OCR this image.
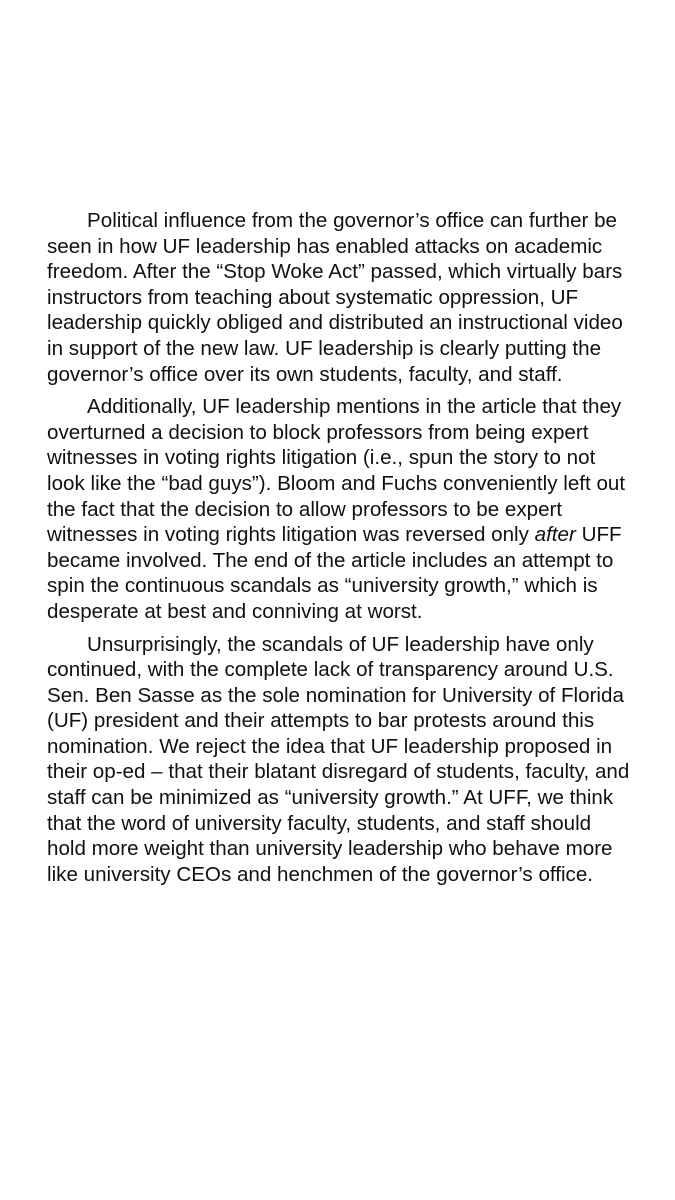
Political influence from the governor’s office can further be seen in how UF leadership has enabled attacks on academic freedom. After the “Stop Woke Act” passed, which virtually bars instructors from teaching about systematic oppression, UF leadership quickly obliged and distributed an instructional video in support of the new law. UF leadership is clearly putting the governor’s office over its own students, faculty, and staff.

Additionally, UF leadership mentions in the article that they overturned a decision to block professors from being expert witnesses in voting rights litigation (i.e., spun the story to not look like the “bad guys”). Bloom and Fuchs conveniently left out the fact that the decision to allow professors to be expert witnesses in voting rights litigation was reversed only after UFF became involved. The end of the article includes an attempt to spin the continuous scandals as “university growth,” which is desperate at best and conniving at worst.

Unsurprisingly, the scandals of UF leadership have only continued, with the complete lack of transparency around U.S. Sen. Ben Sasse as the sole nomination for University of Florida (UF) president and their attempts to bar protests around this nomination. We reject the idea that UF leadership proposed in their op-ed – that their blatant disregard of students, faculty, and staff can be minimized as “university growth.” At UFF, we think that the word of university faculty, students, and staff should hold more weight than university leadership who behave more like university CEOs and henchmen of the governor’s office.
